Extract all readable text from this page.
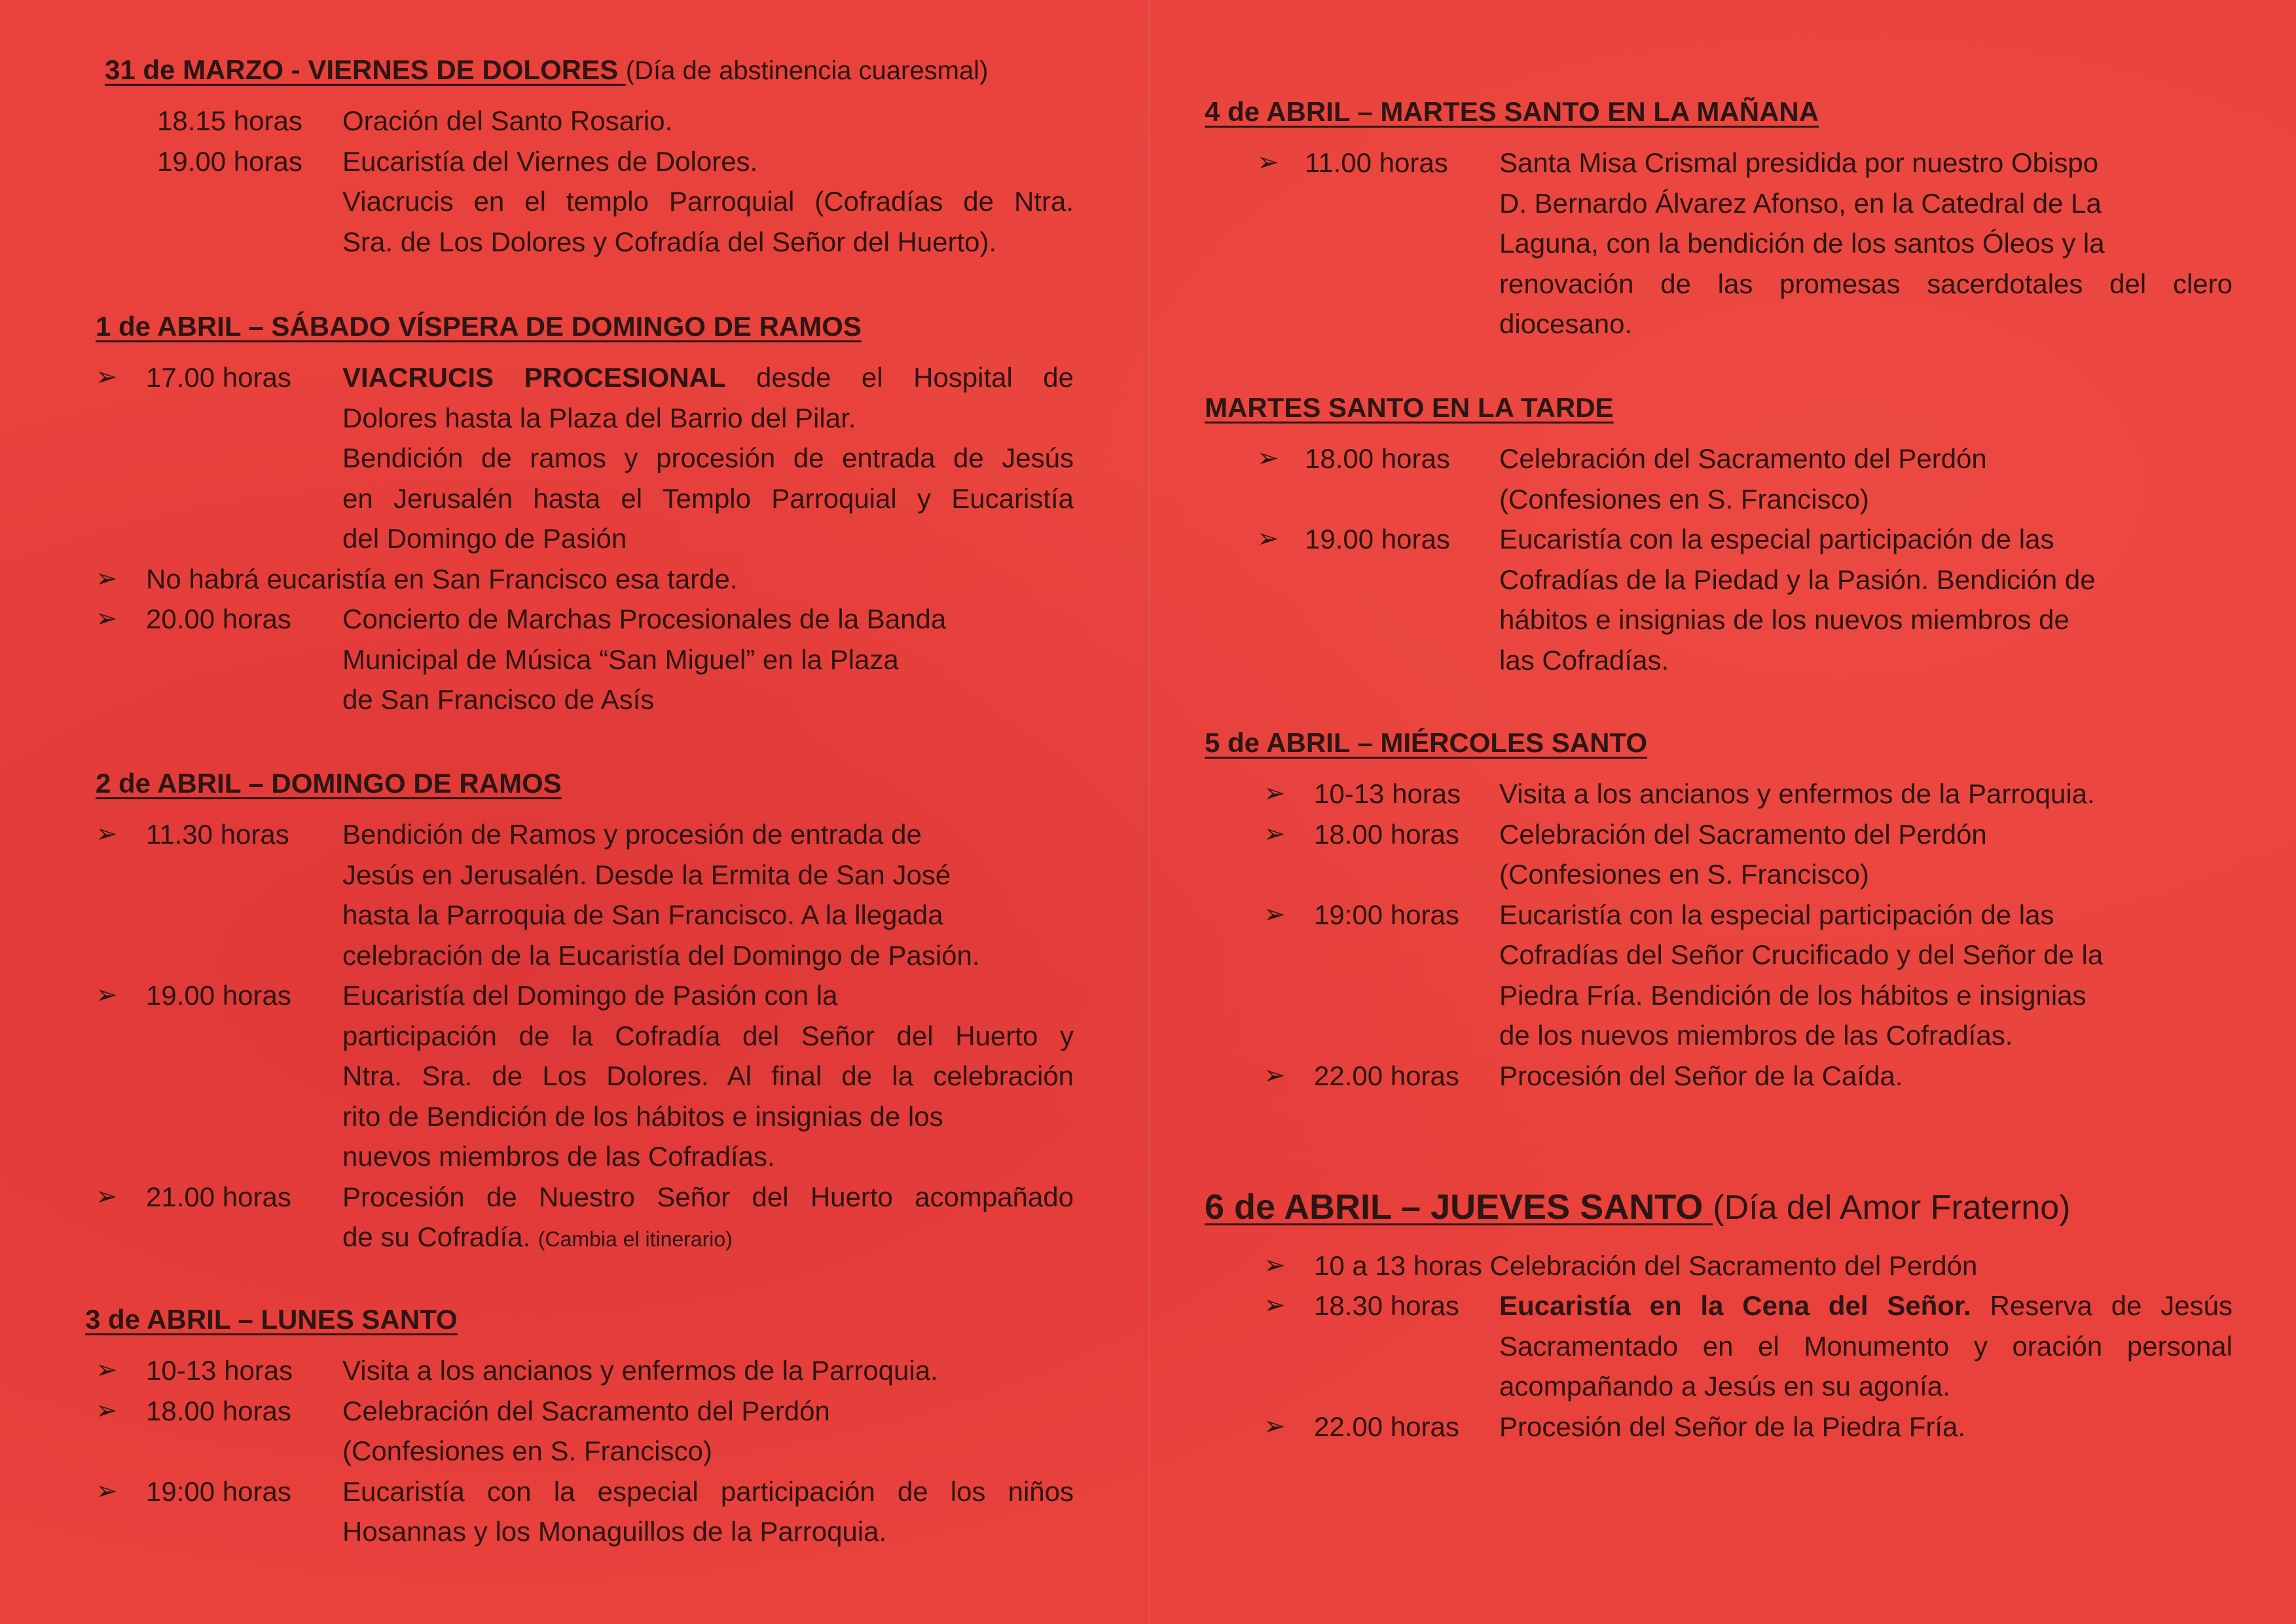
31 de MARZO - VIERNES DE DOLORES (Día de abstinencia cuaresmal)
18.15 horas Oración del Santo Rosario.
19.00 horas Eucaristía del Viernes de Dolores.
Viacrucis en el templo Parroquial (Cofradías de Ntra.
Sra. de Los Dolores y Cofradía del Señor del Huerto).
1 de ABRIL – SÁBADO VÍSPERA DE DOMINGO DE RAMOS
➢ 17.00 horas VIACRUCIS PROCESIONAL desde el Hospital de
Dolores hasta la Plaza del Barrio del Pilar.
Bendición de ramos y procesión de entrada de Jesús
en Jerusalén hasta el Templo Parroquial y Eucaristía
del Domingo de Pasión
➢ No habrá eucaristía en San Francisco esa tarde.
➢ 20.00 horas Concierto de Marchas Procesionales de la Banda
Municipal de Música “San Miguel” en la Plaza
de San Francisco de Asís
2 de ABRIL – DOMINGO DE RAMOS
➢ 11.30 horas Bendición de Ramos y procesión de entrada de
Jesús en Jerusalén. Desde la Ermita de San José
hasta la Parroquia de San Francisco. A la llegada
celebración de la Eucaristía del Domingo de Pasión.
➢ 19.00 horas Eucaristía del Domingo de Pasión con la
participación de la Cofradía del Señor del Huerto y
Ntra. Sra. de Los Dolores. Al final de la celebración
rito de Bendición de los hábitos e insignias de los
nuevos miembros de las Cofradías.
➢ 21.00 horas Procesión de Nuestro Señor del Huerto acompañado
de su Cofradía. (Cambia el itinerario)
3 de ABRIL – LUNES SANTO
➢ 10-13 horas Visita a los ancianos y enfermos de la Parroquia.
➢ 18.00 horas Celebración del Sacramento del Perdón
(Confesiones en S. Francisco)
➢ 19:00 horas Eucaristía con la especial participación de los niños
Hosannas y los Monaguillos de la Parroquia.
4 de ABRIL – MARTES SANTO EN LA MAÑANA
➢ 11.00 horas Santa Misa Crismal presidida por nuestro Obispo
D. Bernardo Álvarez Afonso, en la Catedral de La
Laguna, con la bendición de los santos Óleos y la
renovación de las promesas sacerdotales del clero
diocesano.
MARTES SANTO EN LA TARDE
➢ 18.00 horas Celebración del Sacramento del Perdón
(Confesiones en S. Francisco)
➢ 19.00 horas Eucaristía con la especial participación de las
Cofradías de la Piedad y la Pasión. Bendición de
hábitos e insignias de los nuevos miembros de
las Cofradías.
5 de ABRIL – MIÉRCOLES SANTO
➢ 10-13 horas Visita a los ancianos y enfermos de la Parroquia.
➢ 18.00 horas Celebración del Sacramento del Perdón
(Confesiones en S. Francisco)
➢ 19:00 horas Eucaristía con la especial participación de las
Cofradías del Señor Crucificado y del Señor de la
Piedra Fría. Bendición de los hábitos e insignias
de los nuevos miembros de las Cofradías.
➢ 22.00 horas Procesión del Señor de la Caída.
6 de ABRIL – JUEVES SANTO (Día del Amor Fraterno)
➢ 10 a 13 horas Celebración del Sacramento del Perdón
➢ 18.30 horas Eucaristía en la Cena del Señor. Reserva de Jesús
Sacramentado en el Monumento y oración personal
acompañando a Jesús en su agonía.
➢ 22.00 horas Procesión del Señor de la Piedra Fría.
